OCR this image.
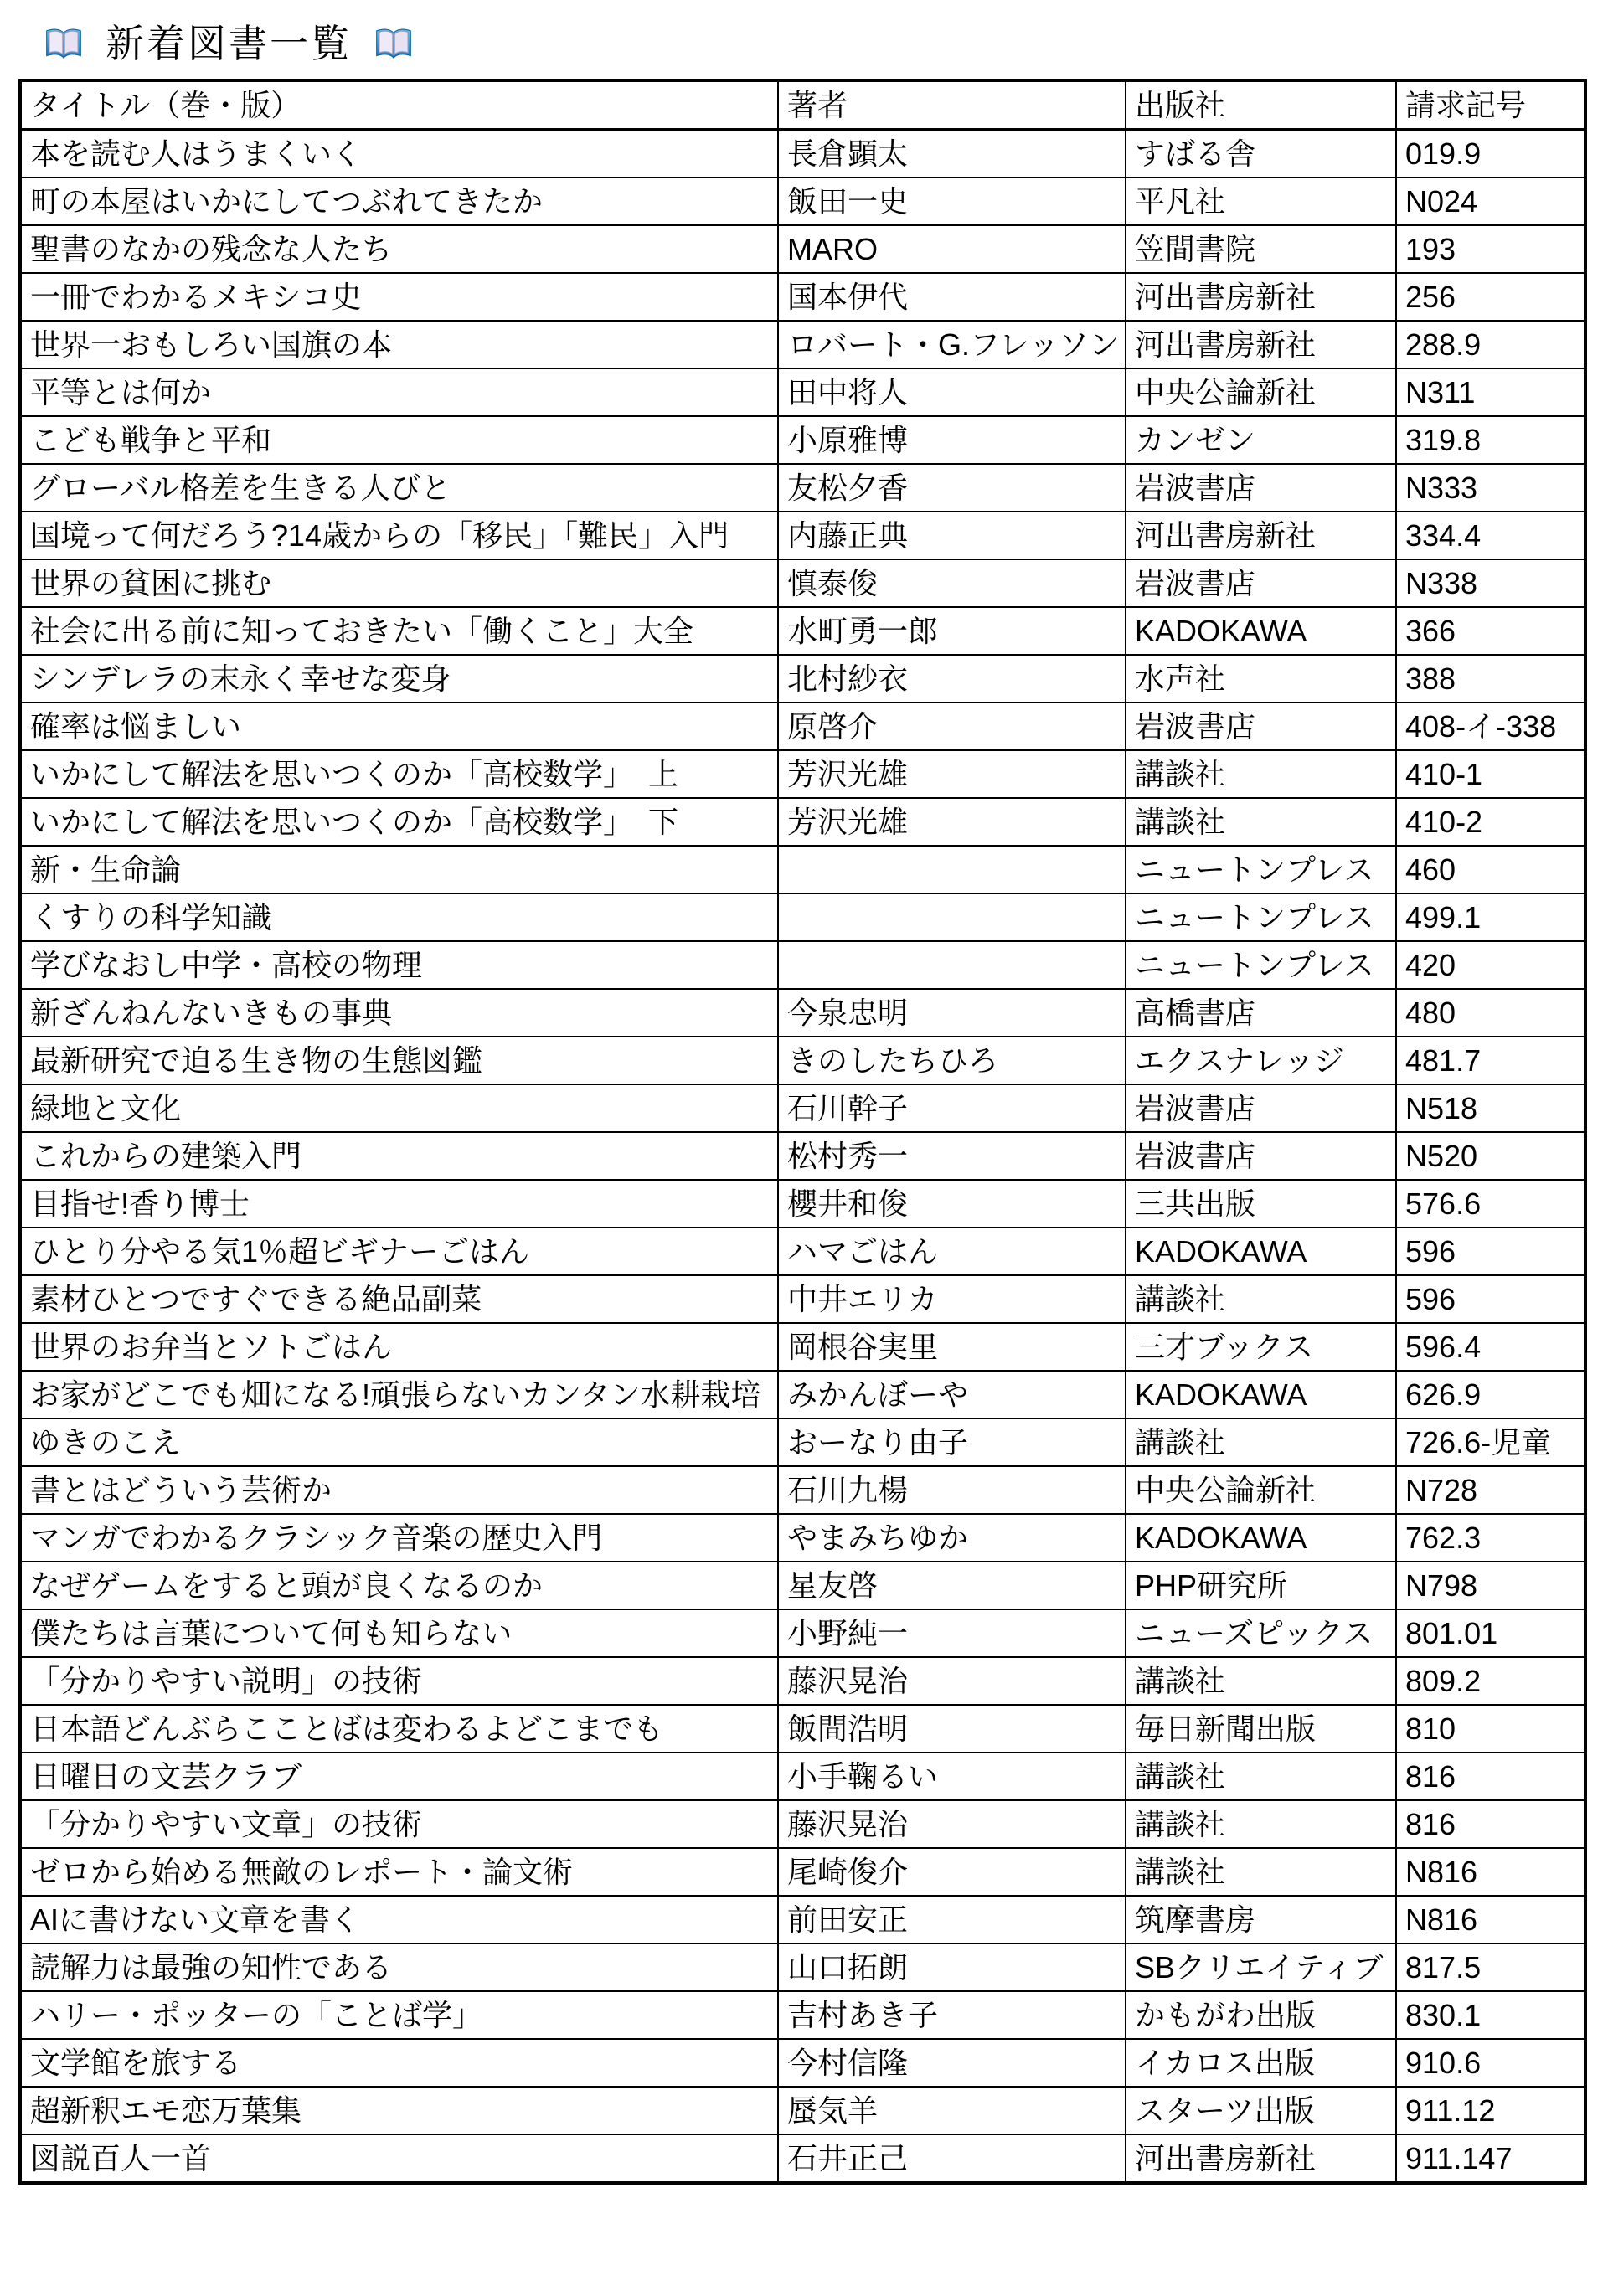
新着図書一覧
タイトル（巻・版）	著者	出版社	請求記号
本を読む人はうまくいく	長倉顕太	すばる舎	019.9
町の本屋はいかにしてつぶれてきたか	飯田一史	平凡社	N024
聖書のなかの残念な人たち	MARO	笠間書院	193
一冊でわかるメキシコ史	国本伊代	河出書房新社	256
世界一おもしろい国旗の本	ロバート・G.フレッソン	河出書房新社	288.9
平等とは何か	田中将人	中央公論新社	N311
こども戦争と平和	小原雅博	カンゼン	319.8
グローバル格差を生きる人びと	友松夕香	岩波書店	N333
国境って何だろう?14歳からの「移民」「難民」入門	内藤正典	河出書房新社	334.4
世界の貧困に挑む	慎泰俊	岩波書店	N338
社会に出る前に知っておきたい「働くこと」大全	水町勇一郎	KADOKAWA	366
シンデレラの末永く幸せな変身	北村紗衣	水声社	388
確率は悩ましい	原啓介	岩波書店	408-イ-338
いかにして解法を思いつくのか「高校数学」　上	芳沢光雄	講談社	410-1
いかにして解法を思いつくのか「高校数学」　下	芳沢光雄	講談社	410-2
新・生命論		ニュートンプレス	460
くすりの科学知識		ニュートンプレス	499.1
学びなおし中学・高校の物理		ニュートンプレス	420
新ざんねんないきもの事典	今泉忠明	高橋書店	480
最新研究で迫る生き物の生態図鑑	きのしたちひろ	エクスナレッジ	481.7
緑地と文化	石川幹子	岩波書店	N518
これからの建築入門	松村秀一	岩波書店	N520
目指せ!香り博士	櫻井和俊	三共出版	576.6
ひとり分やる気1％超ビギナーごはん	ハマごはん	KADOKAWA	596
素材ひとつですぐできる絶品副菜	中井エリカ	講談社	596
世界のお弁当とソトごはん	岡根谷実里	三才ブックス	596.4
お家がどこでも畑になる!頑張らないカンタン水耕栽培	みかんぼーや	KADOKAWA	626.9
ゆきのこえ	おーなり由子	講談社	726.6-児童
書とはどういう芸術か	石川九楊	中央公論新社	N728
マンガでわかるクラシック音楽の歴史入門	やまみちゆか	KADOKAWA	762.3
なぜゲームをすると頭が良くなるのか	星友啓	PHP研究所	N798
僕たちは言葉について何も知らない	小野純一	ニューズピックス	801.01
「分かりやすい説明」の技術	藤沢晃治	講談社	809.2
日本語どんぶらこことばは変わるよどこまでも	飯間浩明	毎日新聞出版	810
日曜日の文芸クラブ	小手鞠るい	講談社	816
「分かりやすい文章」の技術	藤沢晃治	講談社	816
ゼロから始める無敵のレポート・論文術	尾崎俊介	講談社	N816
AIに書けない文章を書く	前田安正	筑摩書房	N816
読解力は最強の知性である	山口拓朗	SBクリエイティブ	817.5
ハリー・ポッターの「ことば学」	吉村あき子	かもがわ出版	830.1
文学館を旅する	今村信隆	イカロス出版	910.6
超新釈エモ恋万葉集	蜃気羊	スターツ出版	911.12
図説百人一首	石井正己	河出書房新社	911.147
